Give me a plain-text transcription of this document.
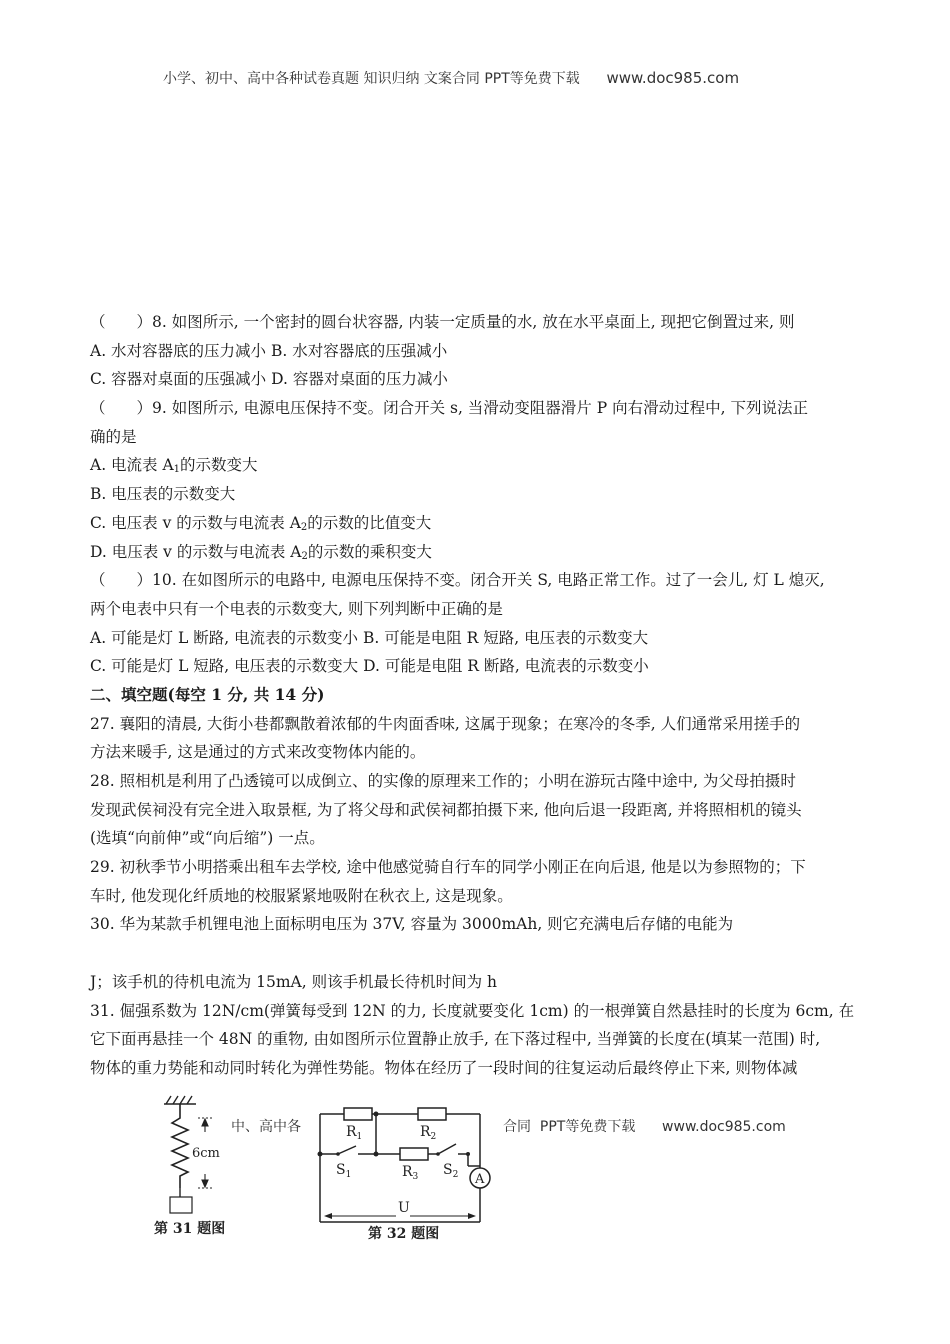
小学、初中、高中各种试卷真题 知识归纳 文案合同 PPT等免费下载 www.doc985.com
（　　）8. 如图所示, 一个密封的圆台状容器, 内装一定质量的水, 放在水平桌面上, 现把它倒置过来, 则
A. 水对容器底的压力减小 B. 水对容器底的压强减小
C. 容器对桌面的压强减小 D. 容器对桌面的压力减小
（　　）9. 如图所示, 电源电压保持不变。闭合开关 s, 当滑动变阻器滑片 P 向右滑动过程中, 下列说法正
确的是
A. 电流表 $A_1$的示数变大
B. 电压表的示数变大
C. 电压表 v 的示数与电流表 $A_2$的示数的比值变大
D. 电压表 v 的示数与电流表 $A_2$的示数的乘积变大
（　　）10. 在如图所示的电路中, 电源电压保持不变。闭合开关 S, 电路正常工作。过了一会儿, 灯 L 熄灭,
两个电表中只有一个电表的示数变大, 则下列判断中正确的是
A. 可能是灯 L 断路, 电流表的示数变小 B. 可能是电阻 R 短路, 电压表的示数变大
C. 可能是灯 L 短路, 电压表的示数变大 D. 可能是电阻 R 断路, 电流表的示数变小
二、填空题(每空 1 分, 共 14 分)
27. 襄阳的清晨, 大街小巷都飘散着浓郁的牛肉面香味, 这属于现象；在寒冷的冬季, 人们通常采用搓手的
方法来暖手, 这是通过的方式来改变物体内能的。
28. 照相机是利用了凸透镜可以成倒立、的实像的原理来工作的；小明在游玩古隆中途中, 为父母拍摄时
发现武侯祠没有完全进入取景框, 为了将父母和武侯祠都拍摄下来, 他向后退一段距离, 并将照相机的镜头
(选填“向前伸”或“向后缩”) 一点。
29. 初秋季节小明搭乘出租车去学校, 途中他感觉骑自行车的同学小刚正在向后退, 他是以为参照物的；下
车时, 他发现化纤质地的校服紧紧地吸附在秋衣上, 这是现象。
30. 华为某款手机锂电池上面标明电压为 37V, 容量为 3000mAh, 则它充满电后存储的电能为
J；该手机的待机电流为 15mA, 则该手机最长待机时间为 h
31. 倔强系数为 12N/cm(弹簧每受到 12N 的力, 长度就要变化 1cm) 的一根弹簧自然悬挂时的长度为 6cm, 在
它下面再悬挂一个 48N 的重物, 由如图所示位置静止放手, 在下落过程中, 当弹簧的长度在(填某一范围) 时,
物体的重力势能和动同时转化为弹性势能。物体在经历了一段时间的往复运动后最终停止下来, 则物体减
6cm
第 31 题图
中、高中各	$R_1$	$R_2$
$S_1$	$R_3$ $S_2$ A
U
第 32 题图
合同  PPT等免费下载 www.doc985.com
